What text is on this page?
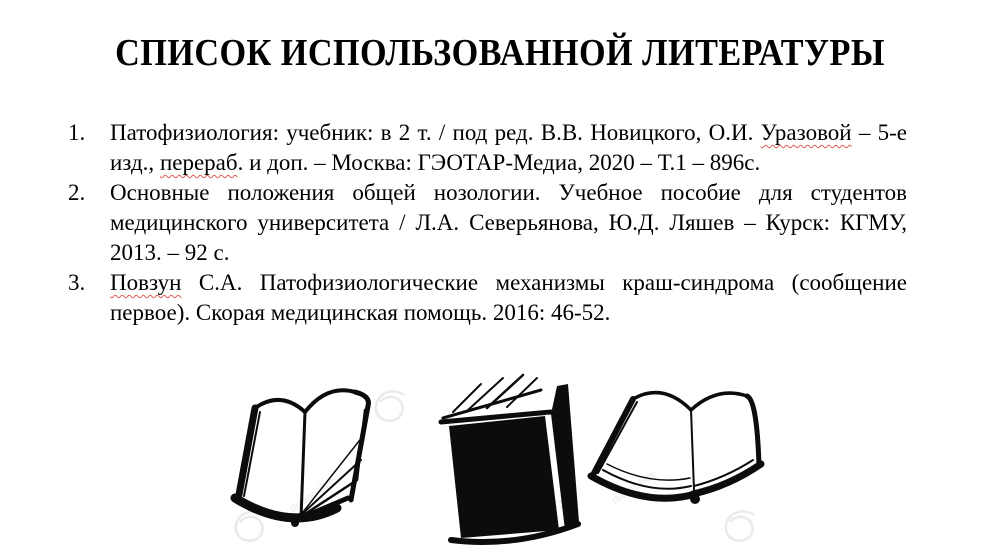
СПИСОК ИСПОЛЬЗОВАННОЙ ЛИТЕРАТУРЫ
1. Патофизиология: учебник: в 2 т. / под ред. В.В. Новицкого, О.И. Уразовой – 5-е изд., перераб. и доп. – Москва: ГЭОТАР-Медиа, 2020 – Т.1 – 896с.
2. Основные положения общей нозологии. Учебное пособие для студентов медицинского университета / Л.А. Северьянова, Ю.Д. Ляшев – Курск: КГМУ, 2013. – 92 с.
3. Повзун С.А. Патофизиологические механизмы краш-синдрома (сообщение первое). Скорая медицинская помощь. 2016: 46-52.
dreamstime	dreamstime
